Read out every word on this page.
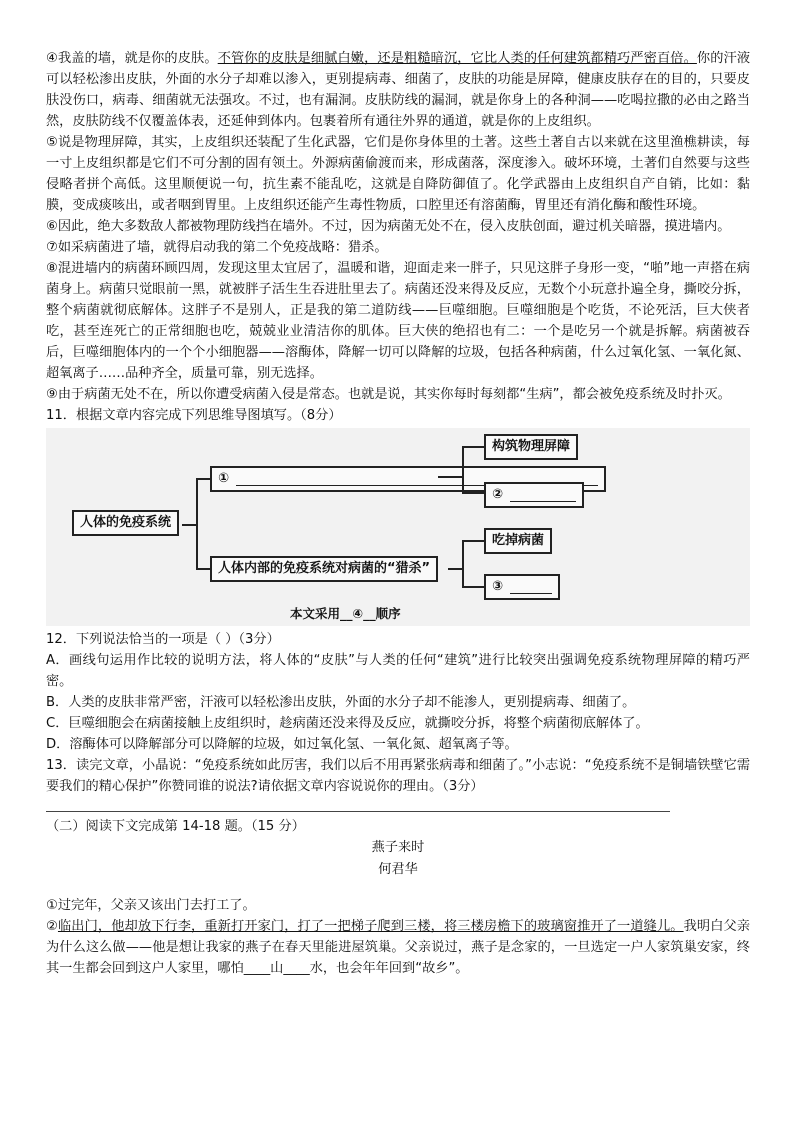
④我盖的墙，就是你的皮肤。不管你的皮肤是细腻白嫩，还是粗糙暗沉，它比人类的任何建筑都精巧严密百倍。你的汗液可以轻松渗出皮肤，外面的水分子却难以渗入，更别提病毒、细菌了，皮肤的功能是屏障，健康皮肤存在的目的，只要皮肤没伤口，病毒、细菌就无法强攻。不过，也有漏洞。皮肤防线的漏洞，就是你身上的各种洞——吃喝拉撒的必由之路当然，皮肤防线不仅覆盖体表，还延伸到体内。包裹着所有通往外界的通道，就是你的上皮组织。

⑤说是物理屏障，其实，上皮组织还装配了生化武器，它们是你身体里的土著。这些土著自古以来就在这里渔樵耕读，每一寸上皮组织都是它们不可分割的固有领土。外源病菌偷渡而来，形成菌落，深度渗入。破坏环境，土著们自然要与这些侵略者拼个高低。这里顺便说一句，抗生素不能乱吃，这就是自降防御值了。化学武器由上皮组织自产自销，比如：黏膜，变成痰咳出，或者咽到胃里。上皮组织还能产生毒性物质，口腔里还有溶菌酶，胃里还有消化酶和酸性环境。

⑥因此，绝大多数敌人都被物理防线挡在墙外。不过，因为病菌无处不在，侵入皮肤创面，避过机关暗器，摸进墙内。

⑦如采病菌进了墙，就得启动我的第二个免疫战略：猎杀。

⑧混进墙内的病菌环顾四周，发现这里太宜居了，温暖和谐，迎面走来一胖子，只见这胖子身形一变，“啪”地一声搭在病菌身上。病菌只觉眼前一黑，就被胖子活生生吞进肚里去了。病菌还没来得及反应，无数个小玩意扑遍全身，撕咬分拆，整个病菌就彻底解体。这胖子不是别人，正是我的第二道防线——巨噬细胞。巨噬细胞是个吃货，不论死活，巨大侠者吃，甚至连死亡的正常细胞也吃，兢兢业业清洁你的肌体。巨大侠的绝招也有二：一个是吃另一个就是拆解。病菌被吞后，巨噬细胞体内的一个个小细胞器——溶酶体，降解一切可以降解的垃圾，包括各种病菌，什么过氧化氢、一氧化氮、超氧离子……品种齐全，质量可靠，别无选择。

⑨由于病菌无处不在，所以你遭受病菌入侵是常态。也就是说，其实你每时每刻都“生病”，都会被免疫系统及时扑灭。

11．根据文章内容完成下列思维导图填写。（8分）

人体的免疫系统
①
人体内部的免疫系统对病菌的“猎杀”
构筑物理屏障
②
吃掉病菌
③
本文采用__④__顺序

12．下列说法恰当的一项是（ ）（3分）

A．画线句运用作比较的说明方法，将人体的“皮肤”与人类的任何“建筑”进行比较突出强调免疫系统物理屏障的精巧严密。

B．人类的皮肤非常严密，汗液可以轻松渗出皮肤，外面的水分子却不能渗人，更别提病毒、细菌了。

C．巨噬细胞会在病菌接触上皮组织时，趁病菌还没来得及反应，就撕咬分拆，将整个病菌彻底解体了。

D．溶酶体可以降解部分可以降解的垃圾，如过氧化氢、一氧化氮、超氧离子等。

13．读完文章，小晶说：“免疫系统如此厉害，我们以后不用再紧张病毒和细菌了。”小志说：“免疫系统不是铜墙铁壁它需要我们的精心保护”你赞同谁的说法?请依据文章内容说说你的理由。（3分）

（二）阅读下文完成第 14-18 题。（15 分）

燕子来时

何君华

①过完年，父亲又该出门去打工了。

②临出门，他却放下行李，重新打开家门，打了一把梯子爬到三楼，将三楼房檐下的玻璃窗推开了一道缝儿。我明白父亲为什么这么做——他是想让我家的燕子在春天里能进屋筑巢。父亲说过，燕子是念家的，一旦选定一户人家筑巢安家，终其一生都会回到这户人家里，哪怕____山____水，也会年年回到“故乡”。
